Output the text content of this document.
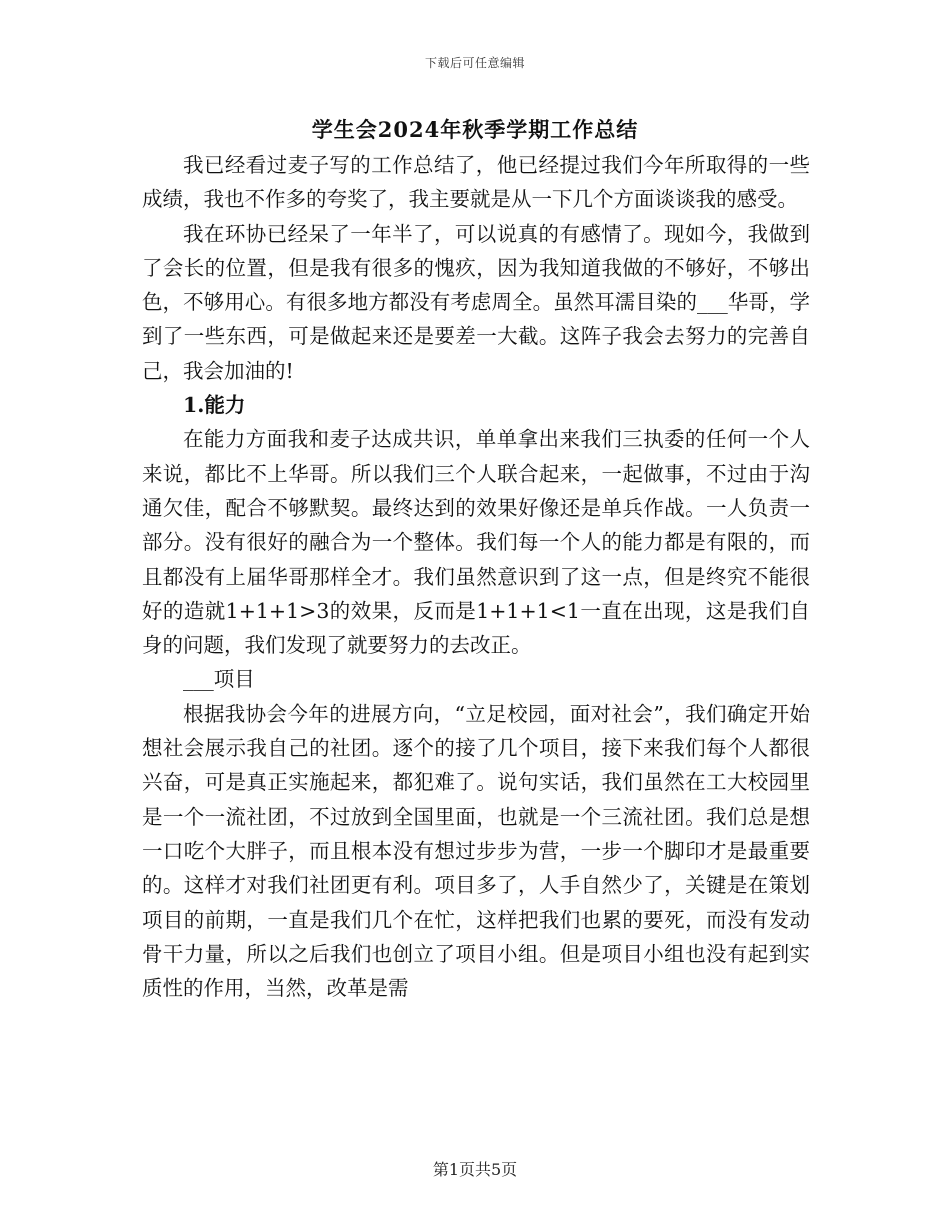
下载后可任意编辑
学生会2024年秋季学期工作总结

我已经看过麦子写的工作总结了，他已经提过我们今年所取得的一些成绩，我也不作多的夸奖了，我主要就是从一下几个方面谈谈我的感受。

我在环协已经呆了一年半了，可以说真的有感情了。现如今，我做到了会长的位置，但是我有很多的愧疚，因为我知道我做的不够好，不够出色，不够用心。有很多地方都没有考虑周全。虽然耳濡目染的___华哥，学到了一些东西，可是做起来还是要差一大截。这阵子我会去努力的完善自己，我会加油的!

1.能力

在能力方面我和麦子达成共识，单单拿出来我们三执委的任何一个人来说，都比不上华哥。所以我们三个人联合起来，一起做事，不过由于沟通欠佳，配合不够默契。最终达到的效果好像还是单兵作战。一人负责一部分。没有很好的融合为一个整体。我们每一个人的能力都是有限的，而且都没有上届华哥那样全才。我们虽然意识到了这一点，但是终究不能很好的造就1+1+1>3的效果，反而是1+1+1<1一直在出现，这是我们自身的问题，我们发现了就要努力的去改正。

___项目

根据我协会今年的进展方向，“立足校园，面对社会”，我们确定开始想社会展示我自己的社团。逐个的接了几个项目，接下来我们每个人都很兴奋，可是真正实施起来，都犯难了。说句实话，我们虽然在工大校园里是一个一流社团，不过放到全国里面，也就是一个三流社团。我们总是想一口吃个大胖子，而且根本没有想过步步为营，一步一个脚印才是最重要的。这样才对我们社团更有利。项目多了，人手自然少了，关键是在策划项目的前期，一直是我们几个在忙，这样把我们也累的要死，而没有发动骨干力量，所以之后我们也创立了项目小组。但是项目小组也没有起到实质性的作用，当然，改革是需

第1页共5页
